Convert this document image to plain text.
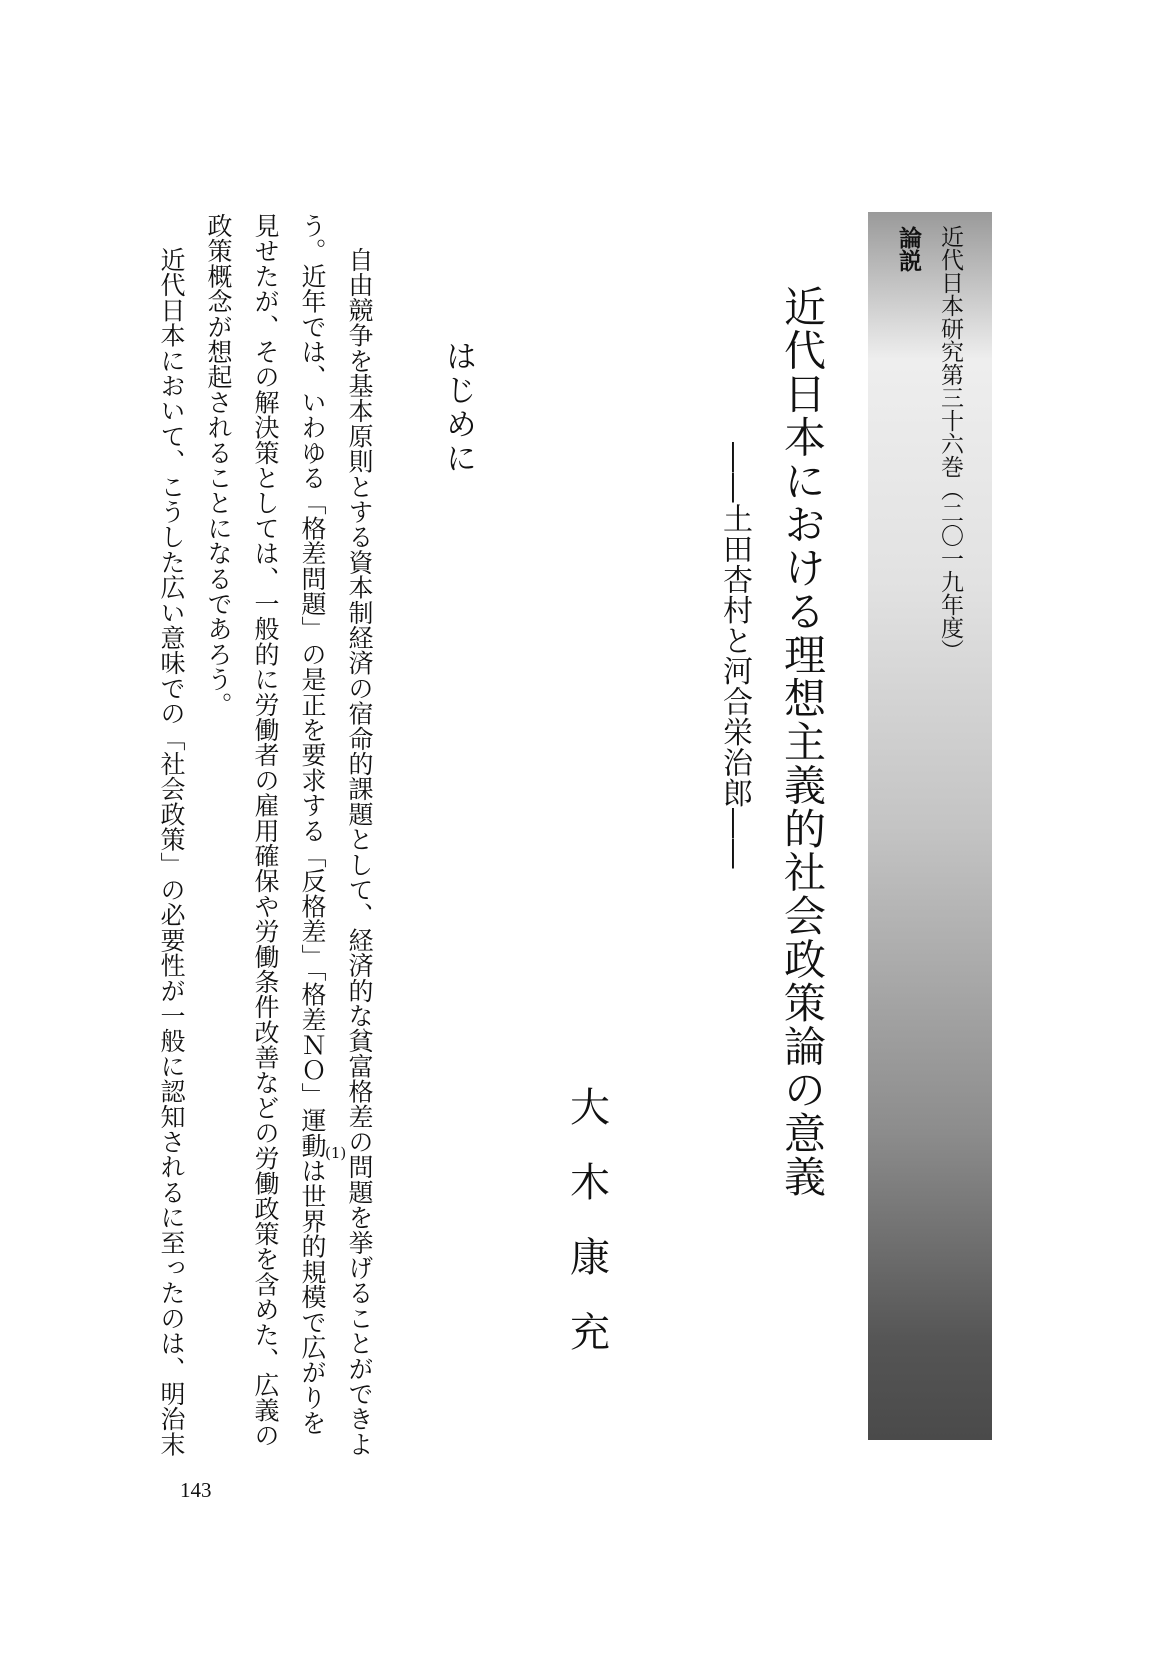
近代日本研究第三十六巻（二〇一九年度）
論説
近代日本における理想主義的社会政策論の意義
――土田杏村と河合栄治郎――
大
木
康
充
はじめに
自由競争を基本原則とする資本制経済の宿命的課題として、経済的な貧富格差の問題を挙げることができよ
う。近年では、いわゆる「格差問題」の是正を要求する「反格差」「格差ＮＯ」運動は世界的規模で広がりを
見せたが、その解決策としては、一般的に労働者の雇用確保や労働条件改善などの労働政策を含めた、広義の
政策概念が想起されることになるであろう。
近代日本において、こうした広い意味での「社会政策」の必要性が一般に認知されるに至ったのは、明治末	(1)
143
